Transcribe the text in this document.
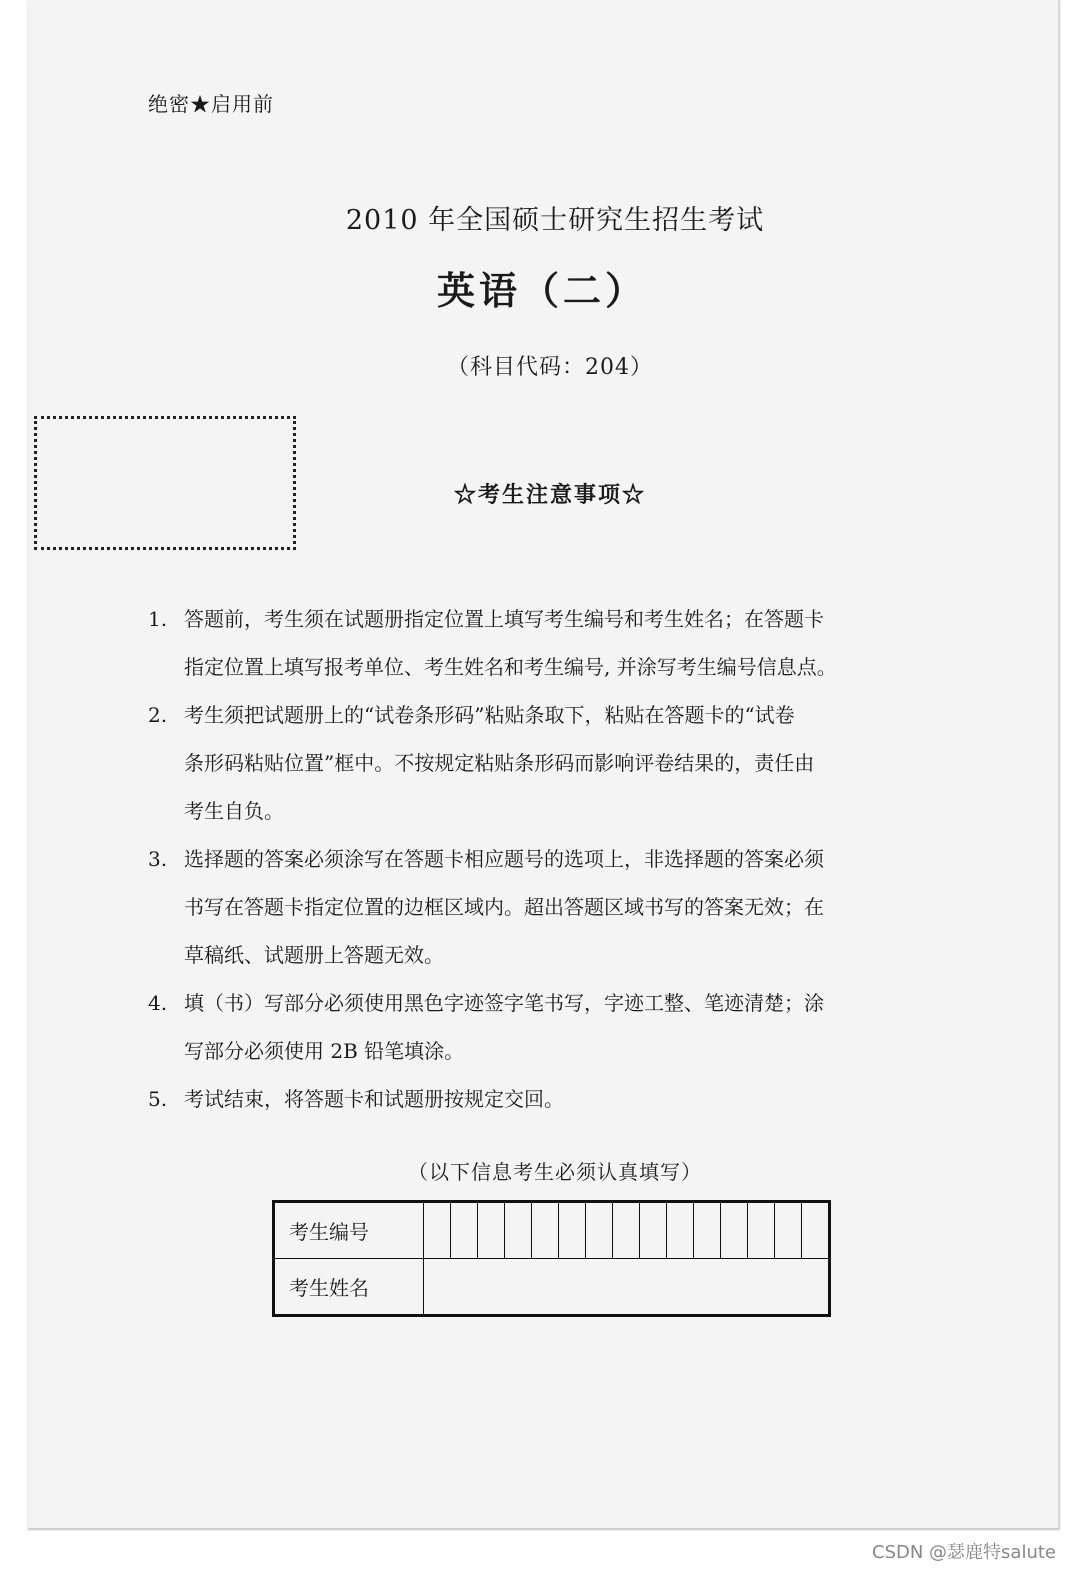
绝密★启用前
2010 年全国硕士研究生招生考试
英语（二）
（科目代码：204）
☆考生注意事项☆
1. 答题前，考生须在试题册指定位置上填写考生编号和考生姓名；在答题卡
指定位置上填写报考单位、考生姓名和考生编号, 并涂写考生编号信息点。
2. 考生须把试题册上的“试卷条形码”粘贴条取下，粘贴在答题卡的“试卷
条形码粘贴位置”框中。不按规定粘贴条形码而影响评卷结果的，责任由
考生自负。
3. 选择题的答案必须涂写在答题卡相应题号的选项上，非选择题的答案必须
书写在答题卡指定位置的边框区域内。超出答题区域书写的答案无效；在
草稿纸、试题册上答题无效。
4. 填（书）写部分必须使用黑色字迹签字笔书写，字迹工整、笔迹清楚；涂
写部分必须使用 2B 铅笔填涂。
5. 考试结束，将答题卡和试题册按规定交回。
（以下信息考生必须认真填写）
考生编号															
考生姓名															
CSDN @瑟鹿特salute
